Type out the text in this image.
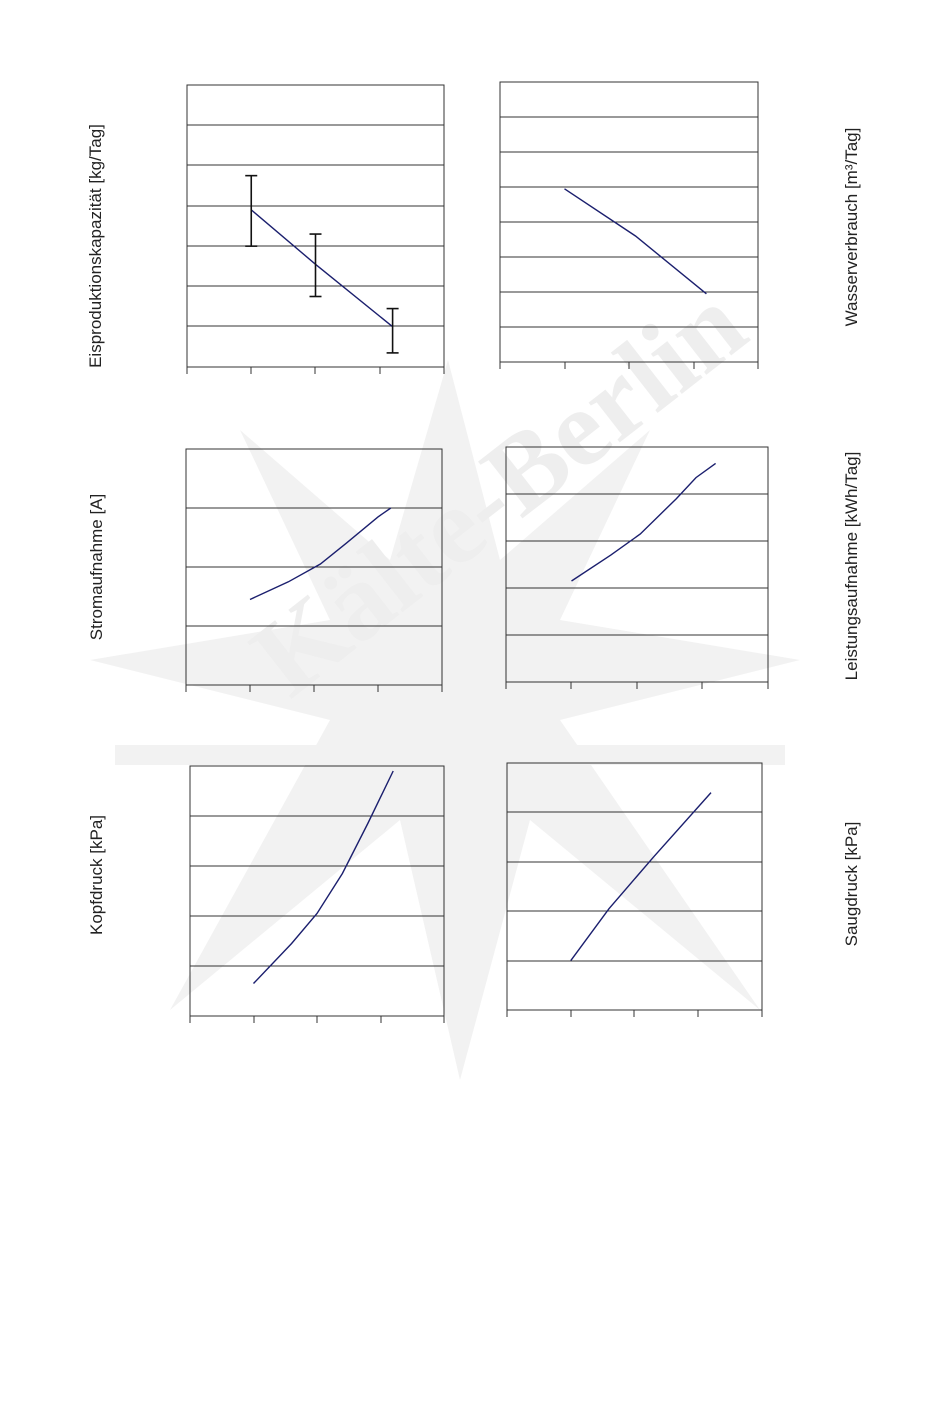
Kälte-Berlin
Eisproduktionskapazität [kg/Tag]	Wasserverbrauch [m³/Tag]
Stromaufnahme [A]	Leistungsaufnahme [kWh/Tag]
Kopfdruck [kPa]	Saugdruck [kPa]
